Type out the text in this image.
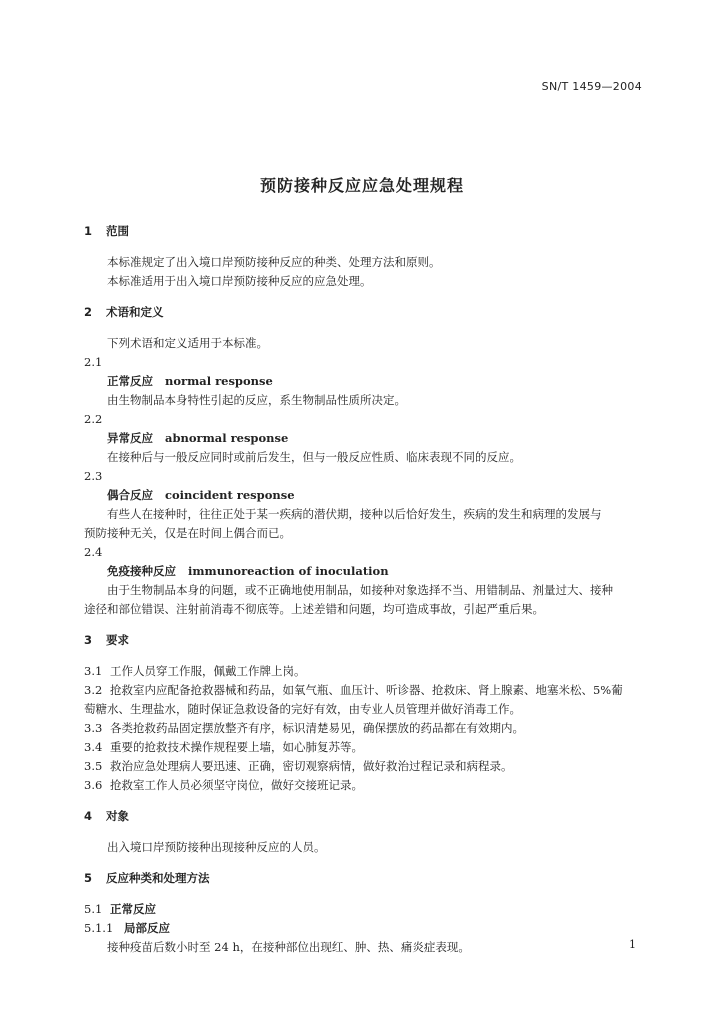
SN/T 1459—2004
预防接种反应应急处理规程
1 范围
本标准规定了出入境口岸预防接种反应的种类、处理方法和原则。
本标准适用于出入境口岸预防接种反应的应急处理。
2 术语和定义
下列术语和定义适用于本标准。
2.1
正常反应 normal response
由生物制品本身特性引起的反应，系生物制品性质所决定。
2.2
异常反应 abnormal response
在接种后与一般反应同时或前后发生，但与一般反应性质、临床表现不同的反应。
2.3
偶合反应 coincident response
有些人在接种时，往往正处于某一疾病的潜伏期，接种以后恰好发生，疾病的发生和病理的发展与
预防接种无关，仅是在时间上偶合而已。
2.4
免疫接种反应 immunoreaction of inoculation
由于生物制品本身的问题，或不正确地使用制品，如接种对象选择不当、用错制品、剂量过大、接种
途径和部位错误、注射前消毒不彻底等。上述差错和问题，均可造成事故，引起严重后果。
3 要求
3.1 工作人员穿工作服，佩戴工作牌上岗。
3.2 抢救室内应配备抢救器械和药品，如氧气瓶、血压计、听诊器、抢救床、肾上腺素、地塞米松、5%葡
萄糖水、生理盐水，随时保证急救设备的完好有效，由专业人员管理并做好消毒工作。
3.3 各类抢救药品固定摆放整齐有序，标识清楚易见，确保摆放的药品都在有效期内。
3.4 重要的抢救技术操作规程要上墙，如心肺复苏等。
3.5 救治应急处理病人要迅速、正确，密切观察病情，做好救治过程记录和病程录。
3.6 抢救室工作人员必须坚守岗位，做好交接班记录。
4 对象
出入境口岸预防接种出现接种反应的人员。
5 反应种类和处理方法
5.1 正常反应
5.1.1 局部反应
接种疫苗后数小时至 24 h，在接种部位出现红、肿、热、痛炎症表现。	1
